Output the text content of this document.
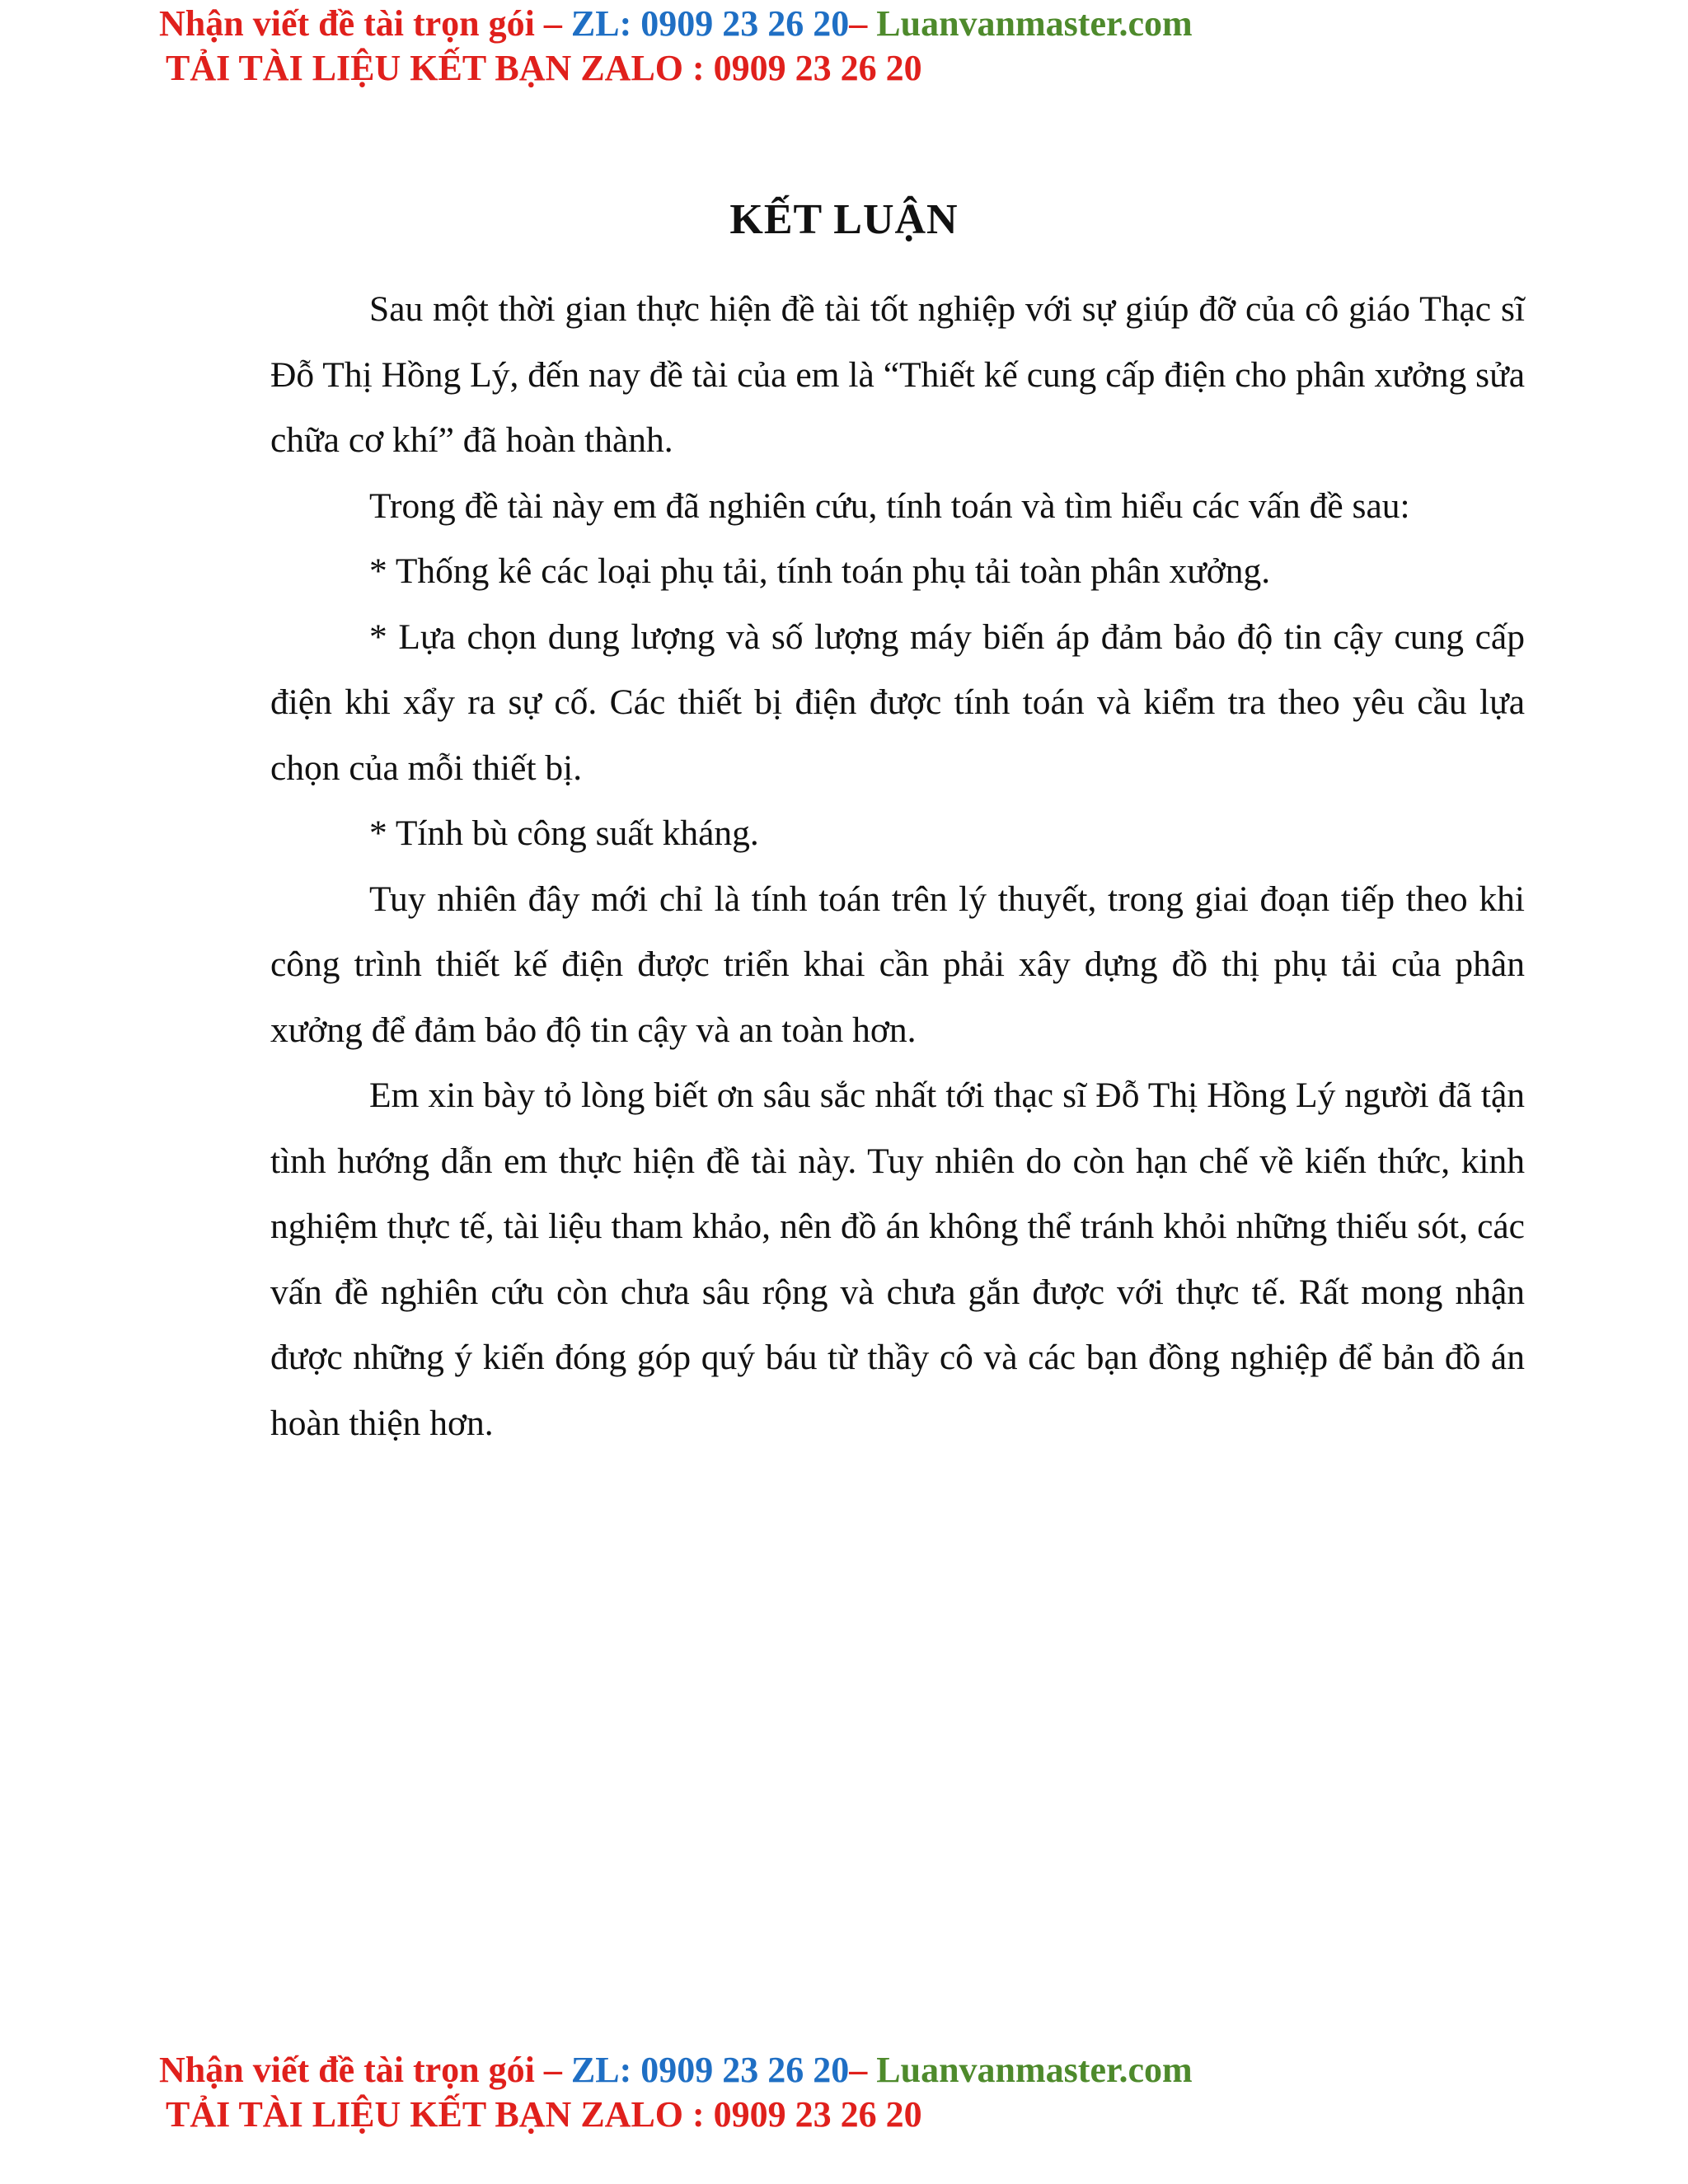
Nhận viết đề tài trọn gói – ZL: 0909 23 26 20– Luanvanmaster.com
TẢI TÀI LIỆU KẾT BẠN ZALO : 0909 23 26 20
KẾT LUẬN

Sau một thời gian thực hiện đề tài tốt nghiệp với sự giúp đỡ của cô giáo Thạc sĩ Đỗ Thị Hồng Lý, đến nay đề tài của em là “Thiết kế cung cấp điện cho phân xưởng sửa chữa cơ khí” đã hoàn thành.

Trong đề tài này em đã nghiên cứu, tính toán và tìm hiểu các vấn đề sau:

* Thống kê các loại phụ tải, tính toán phụ tải toàn phân xưởng.

* Lựa chọn dung lượng và số lượng máy biến áp đảm bảo độ tin cậy cung cấp điện khi xẩy ra sự cố. Các thiết bị điện được tính toán và kiểm tra theo yêu cầu lựa chọn của mỗi thiết bị.

* Tính bù công suất kháng.

Tuy nhiên đây mới chỉ là tính toán trên lý thuyết, trong giai đoạn tiếp theo khi công trình thiết kế điện được triển khai cần phải xây dựng đồ thị phụ tải của phân xưởng để đảm bảo độ tin cậy và an toàn hơn.

Em xin bày tỏ lòng biết ơn sâu sắc nhất tới thạc sĩ Đỗ Thị Hồng Lý người đã tận tình hướng dẫn em thực hiện đề tài này. Tuy nhiên do còn hạn chế về kiến thức, kinh nghiệm thực tế, tài liệu tham khảo, nên đồ án không thể tránh khỏi những thiếu sót, các vấn đề nghiên cứu còn chưa sâu rộng và chưa gắn được với thực tế. Rất mong nhận được những ý kiến đóng góp quý báu từ thầy cô và các bạn đồng nghiệp để bản đồ án hoàn thiện hơn.

Nhận viết đề tài trọn gói – ZL: 0909 23 26 20– Luanvanmaster.com
TẢI TÀI LIỆU KẾT BẠN ZALO : 0909 23 26 20
